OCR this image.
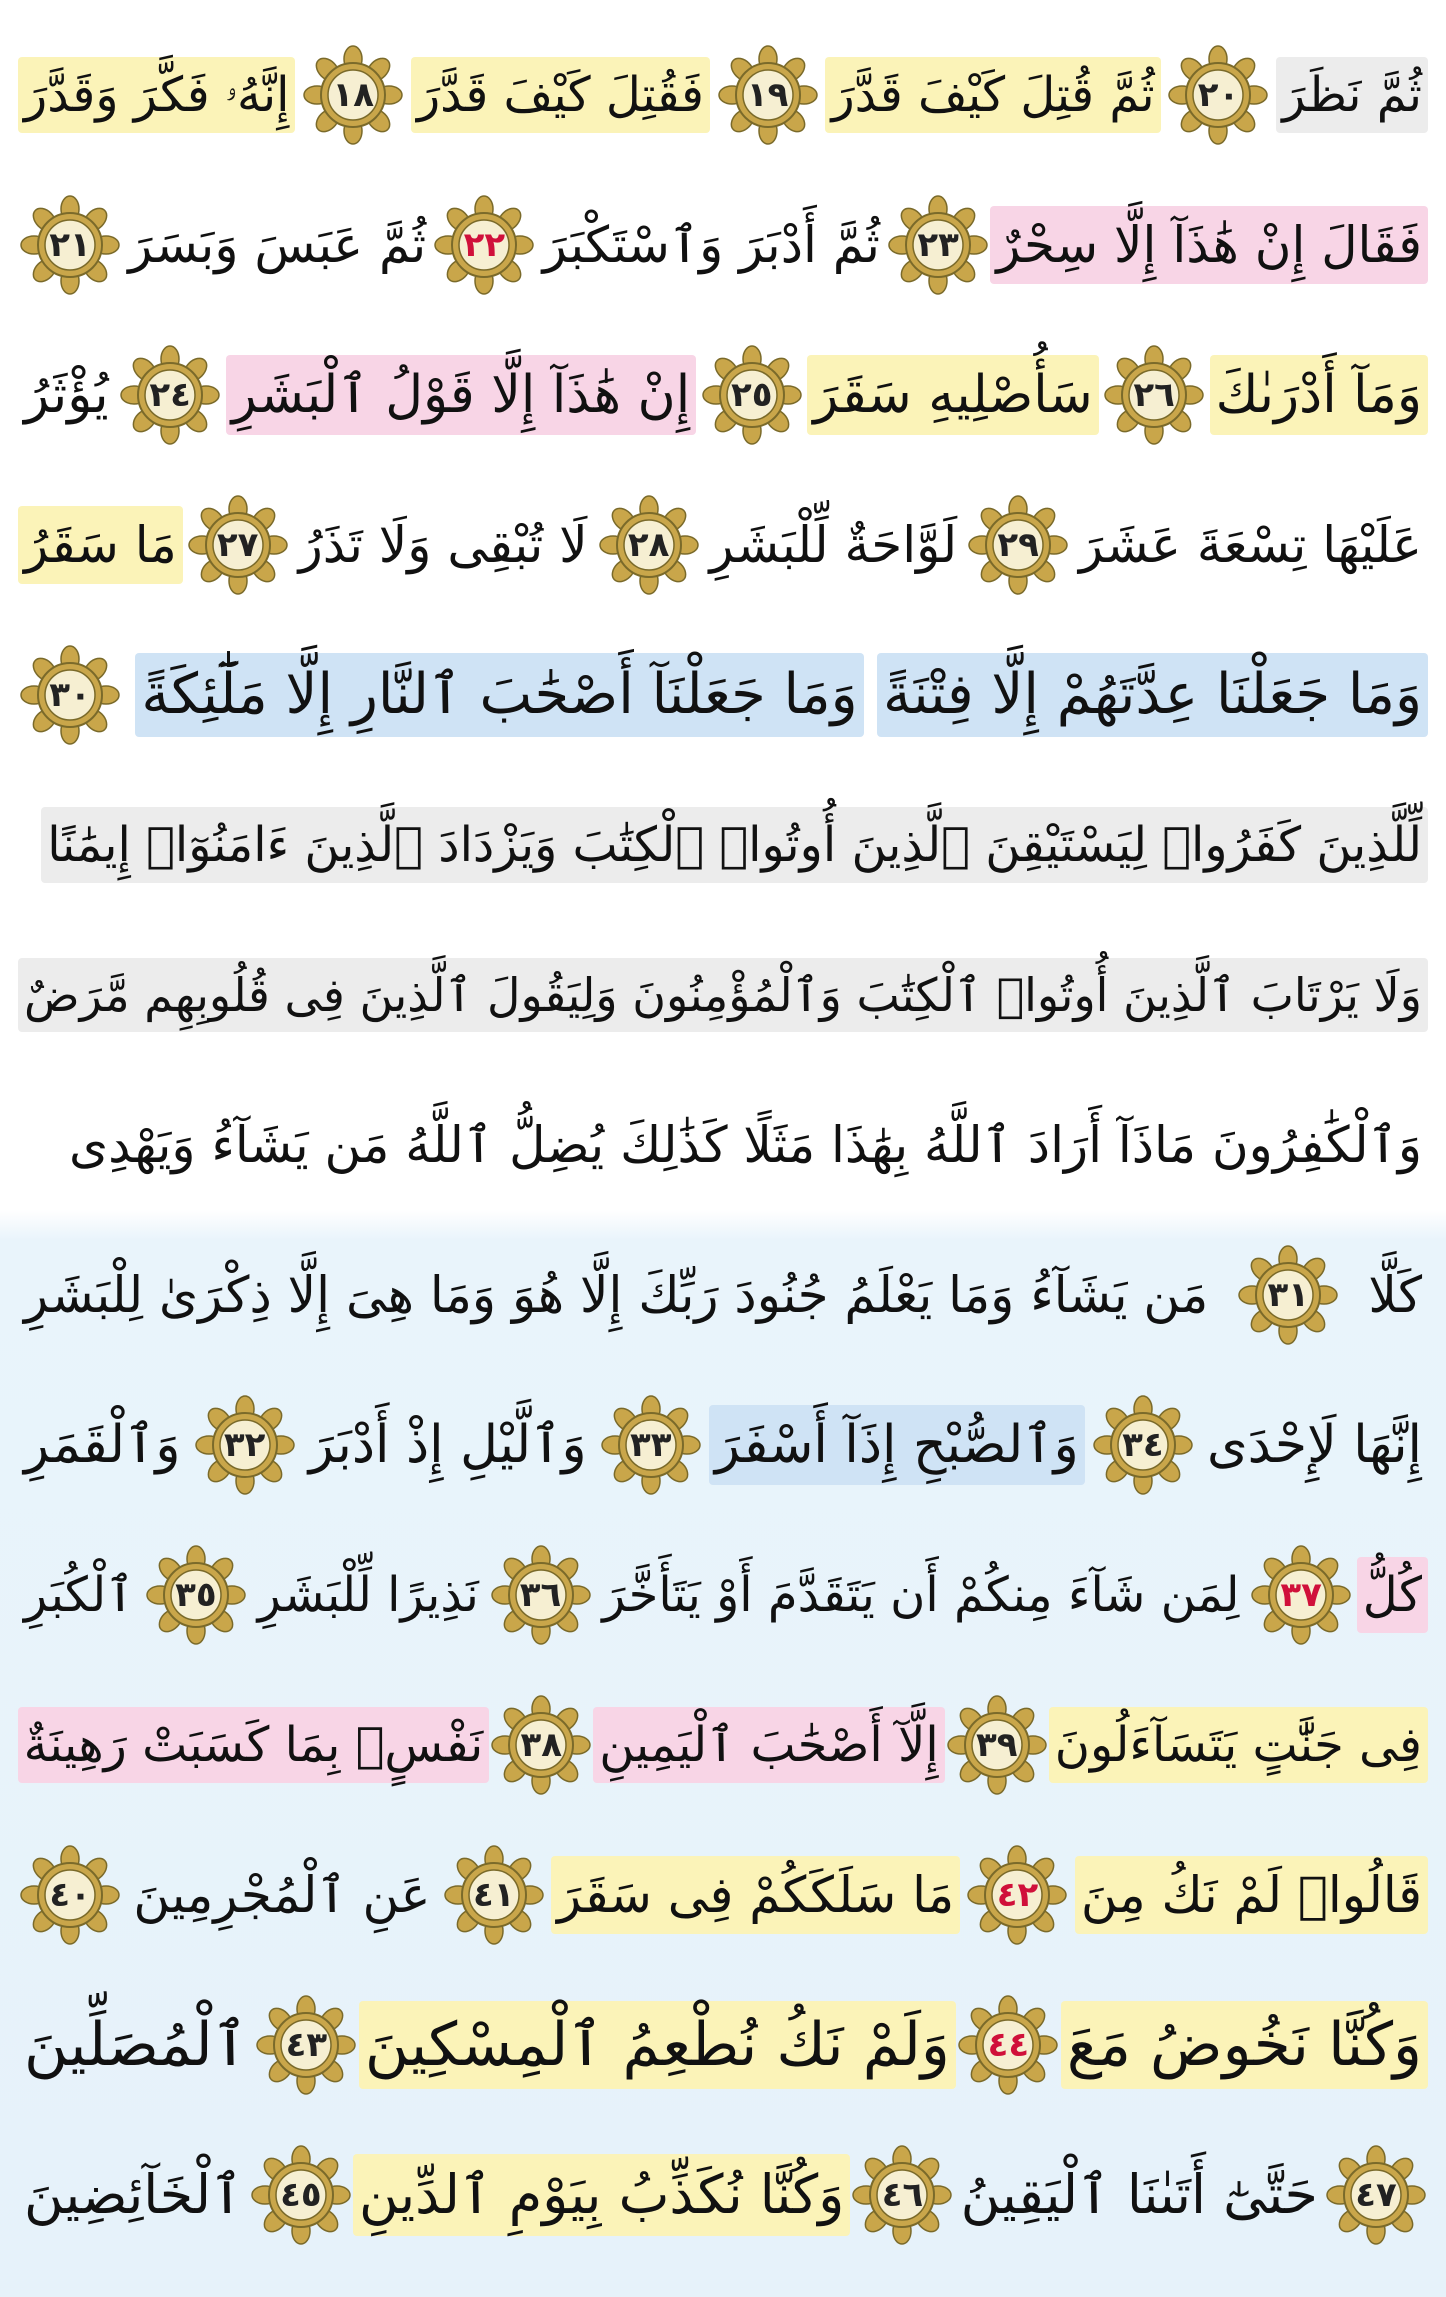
ثُمَّ نَظَرَ
٢٠
ثُمَّ قُتِلَ كَيْفَ قَدَّرَ
١٩
فَقُتِلَ كَيْفَ قَدَّرَ
١٨
إِنَّهُۥ فَكَّرَ وَقَدَّرَ
فَقَالَ إِنْ هَٰذَآ إِلَّا سِحْرٌ
٢٣
ثُمَّ أَدْبَرَ وَٱسْتَكْبَرَ
٢٢
ثُمَّ عَبَسَ وَبَسَرَ
٢١
وَمَآ أَدْرَىٰكَ
٢٦
سَأُصْلِيهِ سَقَرَ
٢٥
إِنْ هَٰذَآ إِلَّا قَوْلُ ٱلْبَشَرِ
٢٤
يُؤْثَرُ
عَلَيْهَا تِسْعَةَ عَشَرَ
٢٩
لَوَّاحَةٌ لِّلْبَشَرِ
٢٨
لَا تُبْقِى وَلَا تَذَرُ
٢٧
مَا سَقَرُ
وَمَا جَعَلْنَا عِدَّتَهُمْ إِلَّا فِتْنَةً
وَمَا جَعَلْنَآ أَصْحَٰبَ ٱلنَّارِ إِلَّا مَلَٰٓئِكَةً
٣٠
لِّلَّذِينَ كَفَرُوا۟ لِيَسْتَيْقِنَ ٱلَّذِينَ أُوتُوا۟ ٱلْكِتَٰبَ وَيَزْدَادَ ٱلَّذِينَ ءَامَنُوٓا۟ إِيمَٰنًا
وَلَا يَرْتَابَ ٱلَّذِينَ أُوتُوا۟ ٱلْكِتَٰبَ وَٱلْمُؤْمِنُونَ وَلِيَقُولَ ٱلَّذِينَ فِى قُلُوبِهِم مَّرَضٌ
وَٱلْكَٰفِرُونَ مَاذَآ أَرَادَ ٱللَّهُ بِهَٰذَا مَثَلًا كَذَٰلِكَ يُضِلُّ ٱللَّهُ مَن يَشَآءُ وَيَهْدِى
كَلَّا
٣١
مَن يَشَآءُ وَمَا يَعْلَمُ جُنُودَ رَبِّكَ إِلَّا هُوَ وَمَا هِىَ إِلَّا ذِكْرَىٰ لِلْبَشَرِ
إِنَّهَا لَإِحْدَى
٣٤
وَٱلصُّبْحِ إِذَآ أَسْفَرَ
٣٣
وَٱلَّيْلِ إِذْ أَدْبَرَ
٣٢
وَٱلْقَمَرِ
كُلُّ
٣٧
لِمَن شَآءَ مِنكُمْ أَن يَتَقَدَّمَ أَوْ يَتَأَخَّرَ
٣٦
نَذِيرًا لِّلْبَشَرِ
٣٥
ٱلْكُبَرِ
فِى جَنَّٰتٍ يَتَسَآءَلُونَ
٣٩
إِلَّآ أَصْحَٰبَ ٱلْيَمِينِ
٣٨
نَفْسٍۭ بِمَا كَسَبَتْ رَهِينَةٌ
قَالُوا۟ لَمْ نَكُ مِنَ
٤٢
مَا سَلَكَكُمْ فِى سَقَرَ
٤١
عَنِ ٱلْمُجْرِمِينَ
٤٠
وَكُنَّا نَخُوضُ مَعَ
٤٤
وَلَمْ نَكُ نُطْعِمُ ٱلْمِسْكِينَ
٤٣
ٱلْمُصَلِّينَ
٤٧
حَتَّىٰٓ أَتَىٰنَا ٱلْيَقِينُ
٤٦
وَكُنَّا نُكَذِّبُ بِيَوْمِ ٱلدِّينِ
٤٥
ٱلْخَآئِضِينَ
